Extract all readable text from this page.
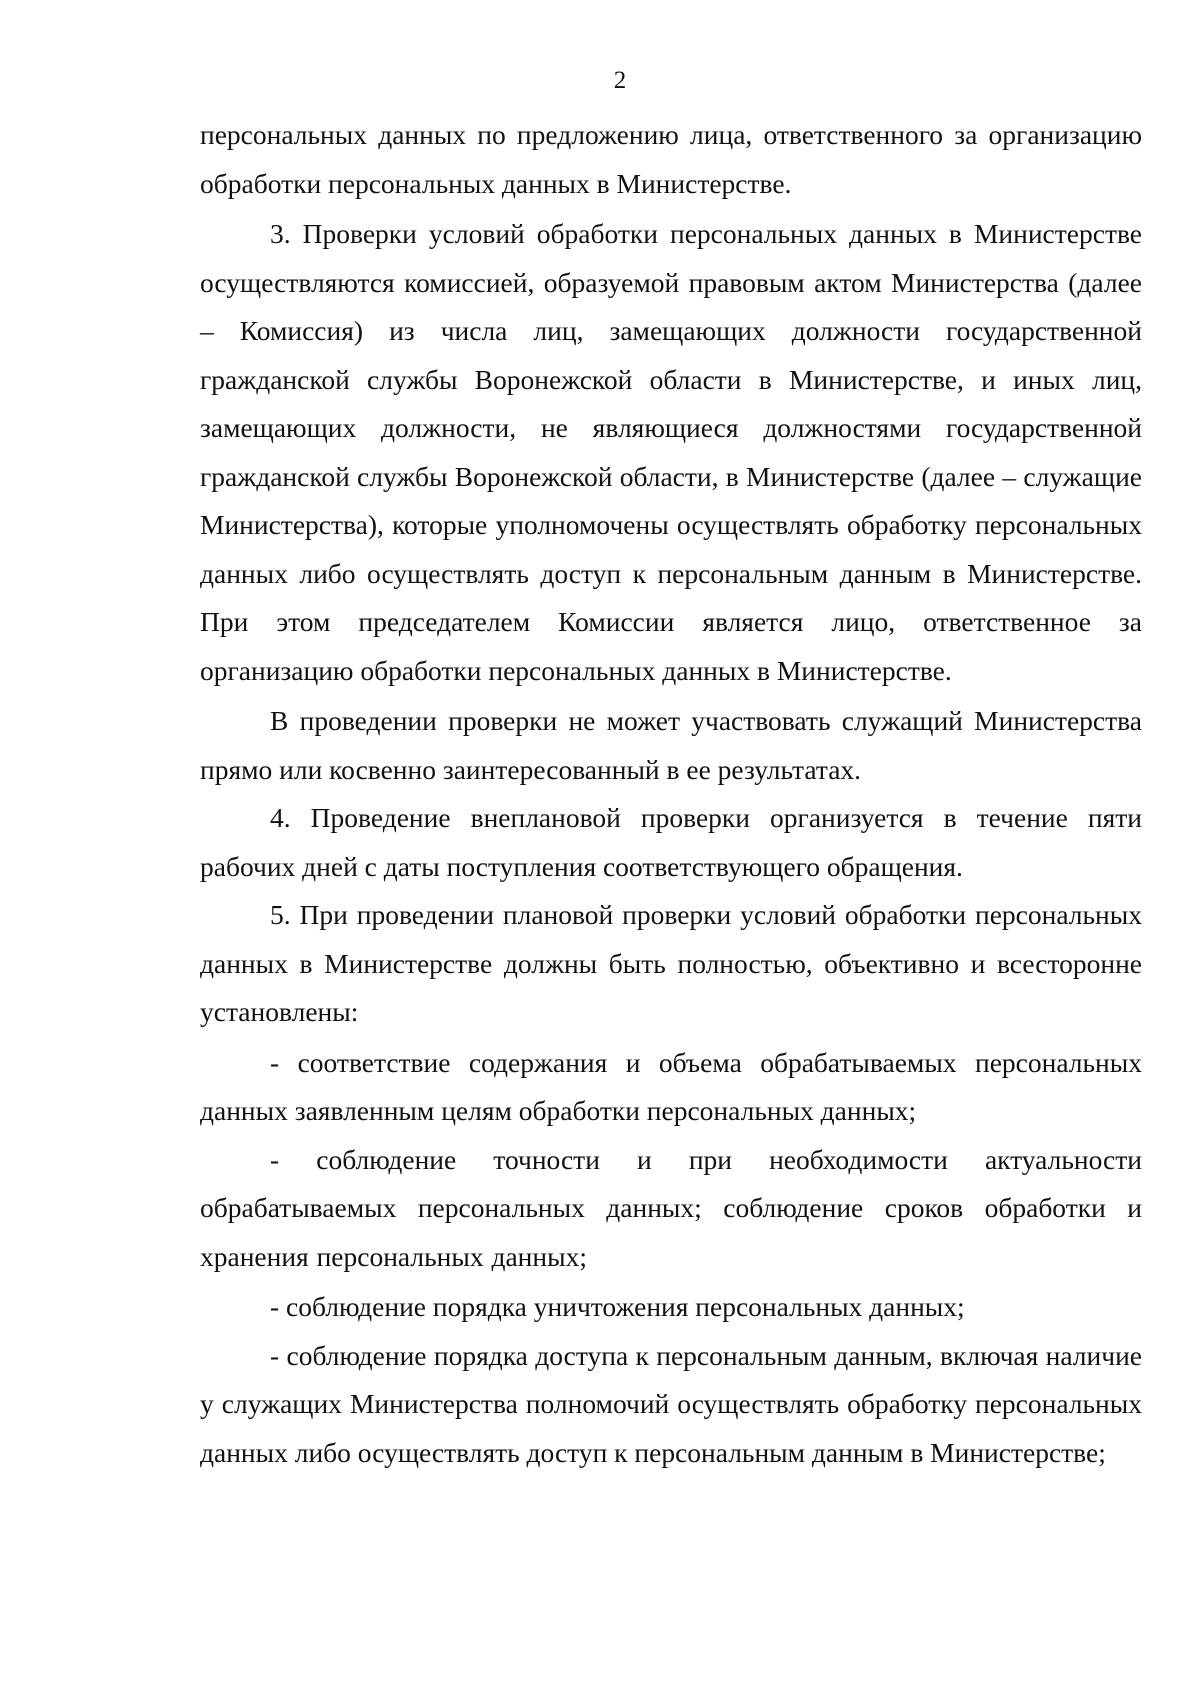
2

персональных данных по предложению лица, ответственного за организацию обработки персональных данных в Министерстве.

3. Проверки условий обработки персональных данных в Министерстве осуществляются комиссией, образуемой правовым актом Министерства (далее – Комиссия) из числа лиц, замещающих должности государственной гражданской службы Воронежской области в Министерстве, и иных лиц, замещающих должности, не являющиеся должностями государственной гражданской службы Воронежской области, в Министерстве (далее – служащие Министерства), которые уполномочены осуществлять обработку персональных данных либо осуществлять доступ к персональным данным в Министерстве. При этом председателем Комиссии является лицо, ответственное за организацию обработки персональных данных в Министерстве.

В проведении проверки не может участвовать служащий Министерства прямо или косвенно заинтересованный в ее результатах.

4. Проведение внеплановой проверки организуется в течение пяти рабочих дней с даты поступления соответствующего обращения.

5. При проведении плановой проверки условий обработки персональных данных в Министерстве должны быть полностью, объективно и всесторонне установлены:

- соответствие содержания и объема обрабатываемых персональных данных заявленным целям обработки персональных данных;

- соблюдение точности и при необходимости актуальности обрабатываемых персональных данных; соблюдение сроков обработки и хранения персональных данных;

- соблюдение порядка уничтожения персональных данных;

- соблюдение порядка доступа к персональным данным, включая наличие у служащих Министерства полномочий осуществлять обработку персональных данных либо осуществлять доступ к персональным данным в Министерстве;
